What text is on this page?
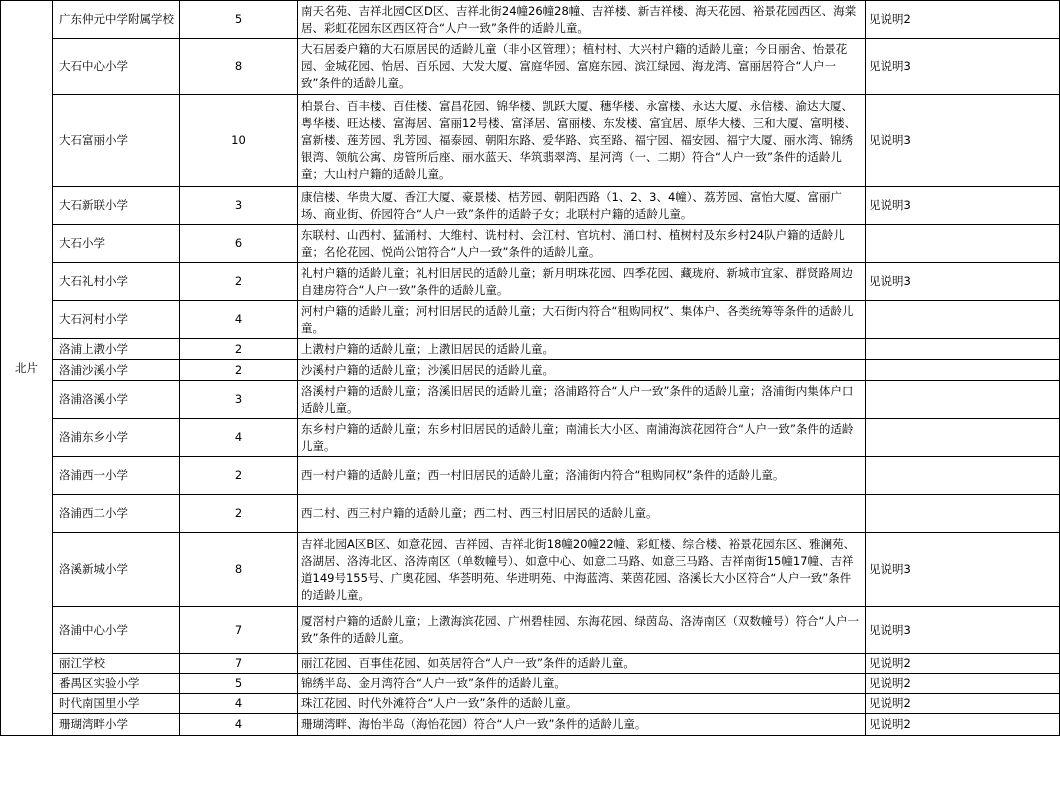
北片	广东仲元中学附属学校	5	南天名苑、吉祥北园C区D区、吉祥北街24幢26幢28幢、吉祥楼、新吉祥楼、海天花园、裕景花园西区、海棠居、彩虹花园东区西区符合“人户一致”条件的适龄儿童。	见说明2
	大石中心小学	8	大石居委户籍的大石原居民的适龄儿童（非小区管理）；植村村、大兴村户籍的适龄儿童；今日丽舍、怡景花园、金城花园、怡居、百乐园、大发大厦、富庭华园、富庭东园、滨江绿园、海龙湾、富丽居符合“人户一致”条件的适龄儿童。	见说明3
	大石富丽小学	10	柏景台、百丰楼、百佳楼、富昌花园、锦华楼、凯跃大厦、穗华楼、永富楼、永达大厦、永信楼、渝达大厦、粤华楼、旺达楼、富海居、富丽12号楼、富泽居、富丽楼、东发楼、富宜居、原华大楼、三和大厦、富明楼、富新楼、莲芳园、乳芳园、福泰园、朝阳东路、爱华路、宾至路、福宁园、福安园、福宁大厦、丽水湾、锦绣银湾、领航公寓、房管所后座、丽水蓝天、华筑翡翠湾、星河湾（一、二期）符合“人户一致”条件的适龄儿童；大山村户籍的适龄儿童。	见说明3
	大石新联小学	3	康信楼、华贵大厦、香江大厦、豪景楼、桔芳园、朝阳西路（1、2、3、4幢）、荔芳园、富怡大厦、富丽广场、商业街、侨园符合“人户一致”条件的适龄子女；北联村户籍的适龄儿童。	见说明3
	大石小学	6	东联村、山西村、猛涌村、大维村、诜村村、会江村、官坑村、涌口村、植树村及东乡村24队户籍的适龄儿童；名伦花园、悦尚公馆符合“人户一致”条件的适龄儿童。	
	大石礼村小学	2	礼村户籍的适龄儿童；礼村旧居民的适龄儿童；新月明珠花园、四季花园、藏珑府、新城市宜家、群贤路周边自建房符合“人户一致”条件的适龄儿童。	见说明3
	大石河村小学	4	河村户籍的适龄儿童；河村旧居民的适龄儿童；大石街内符合“租购同权”、集体户、各类统筹等条件的适龄儿童。	
	洛浦上漖小学	2	上漖村户籍的适龄儿童；上漖旧居民的适龄儿童。	
	洛浦沙溪小学	2	沙溪村户籍的适龄儿童；沙溪旧居民的适龄儿童。	
	洛浦洛溪小学	3	洛溪村户籍的适龄儿童；洛溪旧居民的适龄儿童；洛浦路符合“人户一致”条件的适龄儿童；洛浦街内集体户口适龄儿童。	
	洛浦东乡小学	4	东乡村户籍的适龄儿童；东乡村旧居民的适龄儿童；南浦长大小区、南浦海滨花园符合“人户一致”条件的适龄儿童。	
	洛浦西一小学	2	西一村户籍的适龄儿童；西一村旧居民的适龄儿童；洛浦街内符合“租购同权”条件的适龄儿童。	
	洛浦西二小学	2	西二村、西三村户籍的适龄儿童；西二村、西三村旧居民的适龄儿童。	
	洛溪新城小学	8	吉祥北园A区B区、如意花园、吉祥园、吉祥北街18幢20幢22幢、彩虹楼、综合楼、裕景花园东区、雅澜苑、洛湖居、洛涛北区、洛涛南区（单数幢号）、如意中心、如意二马路、如意三马路、吉祥南街15幢17幢、吉祥道149号155号、广奥花园、华荟明苑、华进明苑、中海蓝湾、莱茵花园、洛溪长大小区符合“人户一致”条件的适龄儿童。	见说明3
	洛浦中心小学	7	厦滘村户籍的适龄儿童；上漖海滨花园、广州碧桂园、东海花园、绿茵岛、洛涛南区（双数幢号）符合“人户一致”条件的适龄儿童。	见说明3
	丽江学校	7	丽江花园、百事佳花园、如英居符合“人户一致”条件的适龄儿童。	见说明2
	番禺区实验小学	5	锦绣半岛、金月湾符合“人户一致”条件的适龄儿童。	见说明2
	时代南国里小学	4	珠江花园、时代外滩符合“人户一致”条件的适龄儿童。	见说明2
	珊瑚湾畔小学	4	珊瑚湾畔、海怡半岛（海怡花园）符合“人户一致”条件的适龄儿童。	见说明2
